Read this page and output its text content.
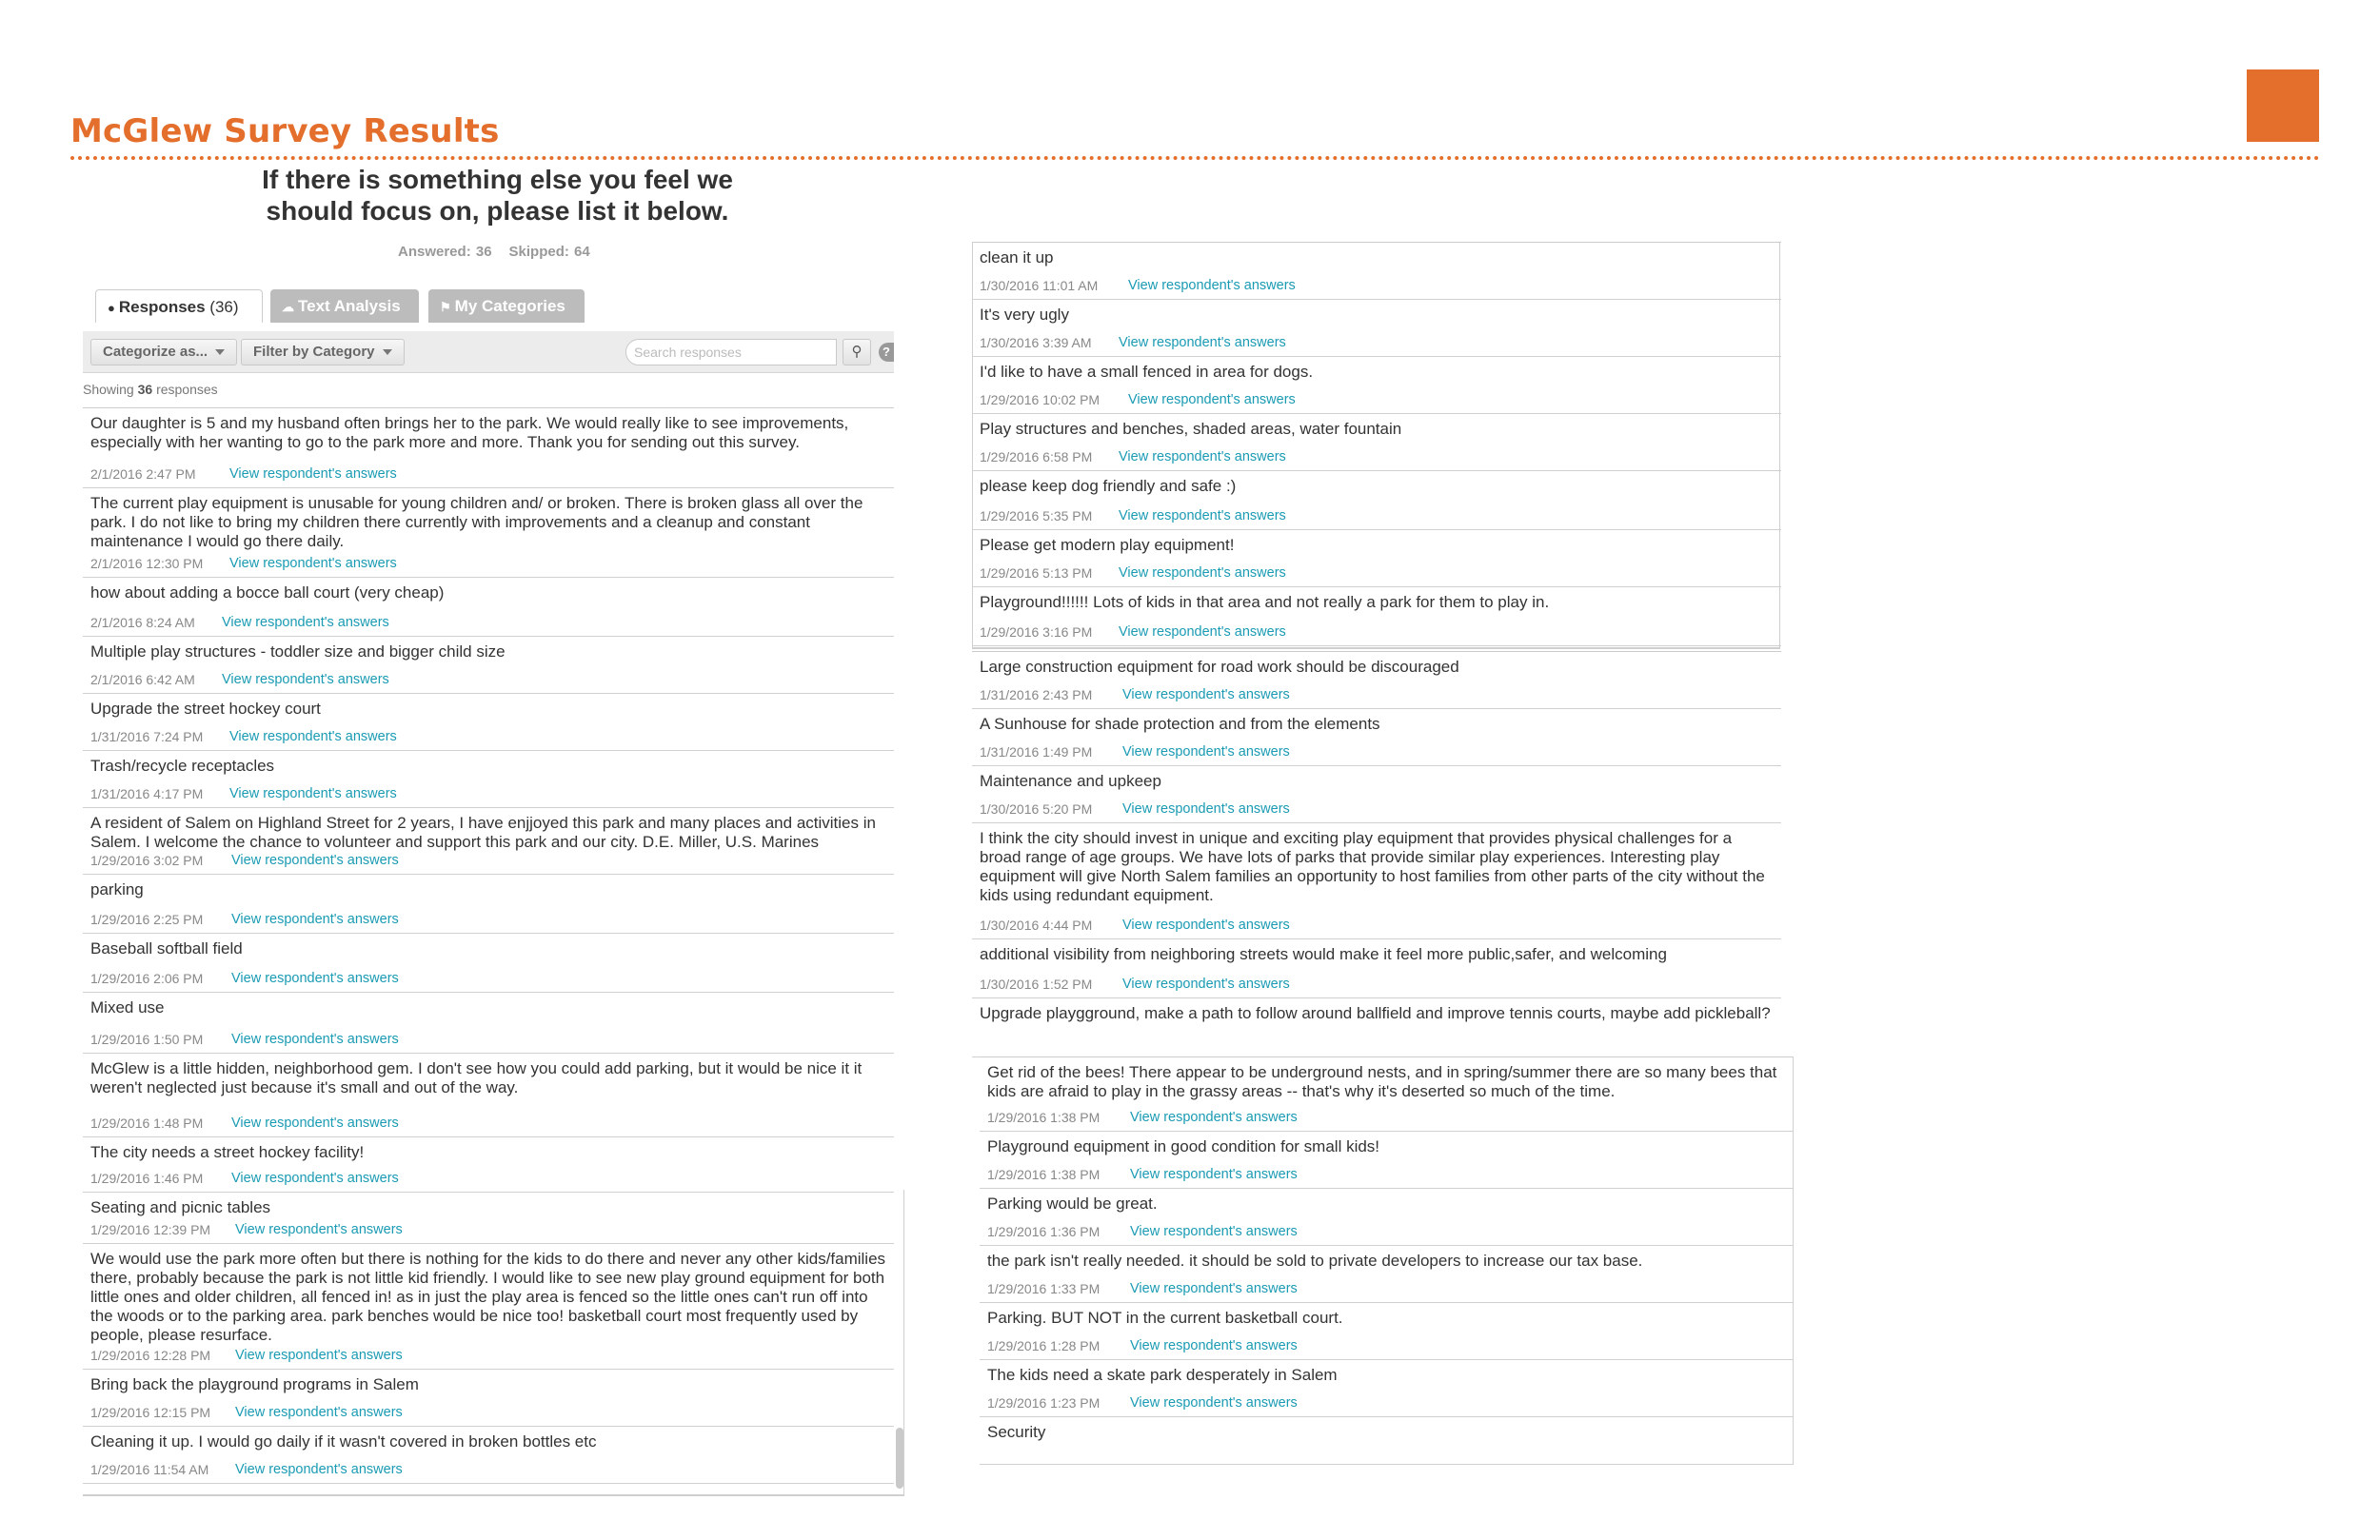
McGlew Survey Results
If there is something else you feel we
should focus on, please list it below.
Answered: 36 Skipped: 64
● Responses (36)	☁ Text Analysis	⚑ My Categories
Categorize as...	Filter by Category	Search responses	⚲	?
Showing 36 responses
Our daughter is 5 and my husband often brings her to the park. We would really like to see improvements, especially with her wanting to go to the park more and more. Thank you for sending out this survey.
2/1/2016 2:47 PM View respondent's answers
The current play equipment is unusable for young children and/ or broken. There is broken glass all over the park. I do not like to bring my children there currently with improvements and a cleanup and constant maintenance I would go there daily.
2/1/2016 12:30 PM View respondent's answers
how about adding a bocce ball court (very cheap)
2/1/2016 8:24 AM View respondent's answers
Multiple play structures - toddler size and bigger child size
2/1/2016 6:42 AM View respondent's answers
Upgrade the street hockey court
1/31/2016 7:24 PM View respondent's answers
Trash/recycle receptacles
1/31/2016 4:17 PM View respondent's answers
A resident of Salem on Highland Street for 2 years, I have enjjoyed this park and many places and activities in Salem. I welcome the chance to volunteer and support this park and our city. D.E. Miller, U.S. Marines
1/29/2016 3:02 PM View respondent's answers
parking
1/29/2016 2:25 PM View respondent's answers
Baseball softball field
1/29/2016 2:06 PM View respondent's answers
Mixed use
1/29/2016 1:50 PM View respondent's answers
McGlew is a little hidden, neighborhood gem. I don't see how you could add parking, but it would be nice it it weren't neglected just because it's small and out of the way.
1/29/2016 1:48 PM View respondent's answers
The city needs a street hockey facility!
1/29/2016 1:46 PM View respondent's answers
Seating and picnic tables
1/29/2016 12:39 PM View respondent's answers
We would use the park more often but there is nothing for the kids to do there and never any other kids/families there, probably because the park is not little kid friendly. I would like to see new play ground equipment for both little ones and older children, all fenced in! as in just the play area is fenced so the little ones can't run off into the woods or to the parking area. park benches would be nice too! basketball court most frequently used by people, please resurface.
1/29/2016 12:28 PM View respondent's answers
Bring back the playground programs in Salem
1/29/2016 12:15 PM View respondent's answers
Cleaning it up. I would go daily if it wasn't covered in broken bottles etc
1/29/2016 11:54 AM View respondent's answers
clean it up
1/30/2016 11:01 AM View respondent's answers
It's very ugly
1/30/2016 3:39 AM View respondent's answers
I'd like to have a small fenced in area for dogs.
1/29/2016 10:02 PM View respondent's answers
Play structures and benches, shaded areas, water fountain
1/29/2016 6:58 PM View respondent's answers
please keep dog friendly and safe :)
1/29/2016 5:35 PM View respondent's answers
Please get modern play equipment!
1/29/2016 5:13 PM View respondent's answers
Playground!!!!!! Lots of kids in that area and not really a park for them to play in.
1/29/2016 3:16 PM View respondent's answers
Large construction equipment for road work should be discouraged
1/31/2016 2:43 PM View respondent's answers
A Sunhouse for shade protection and from the elements
1/31/2016 1:49 PM View respondent's answers
Maintenance and upkeep
1/30/2016 5:20 PM View respondent's answers
I think the city should invest in unique and exciting play equipment that provides physical challenges for a broad range of age groups. We have lots of parks that provide similar play experiences. Interesting play equipment will give North Salem families an opportunity to host families from other parts of the city without the kids using redundant equipment.
1/30/2016 4:44 PM View respondent's answers
additional visibility from neighboring streets would make it feel more public,safer, and welcoming
1/30/2016 1:52 PM View respondent's answers
Upgrade playgground, make a path to follow around ballfield and improve tennis courts, maybe add pickleball?
Get rid of the bees! There appear to be underground nests, and in spring/summer there are so many bees that kids are afraid to play in the grassy areas -- that's why it's deserted so much of the time.
1/29/2016 1:38 PM View respondent's answers
Playground equipment in good condition for small kids!
1/29/2016 1:38 PM View respondent's answers
Parking would be great.
1/29/2016 1:36 PM View respondent's answers
the park isn't really needed. it should be sold to private developers to increase our tax base.
1/29/2016 1:33 PM View respondent's answers
Parking. BUT NOT in the current basketball court.
1/29/2016 1:28 PM View respondent's answers
The kids need a skate park desperately in Salem
1/29/2016 1:23 PM View respondent's answers
Security
